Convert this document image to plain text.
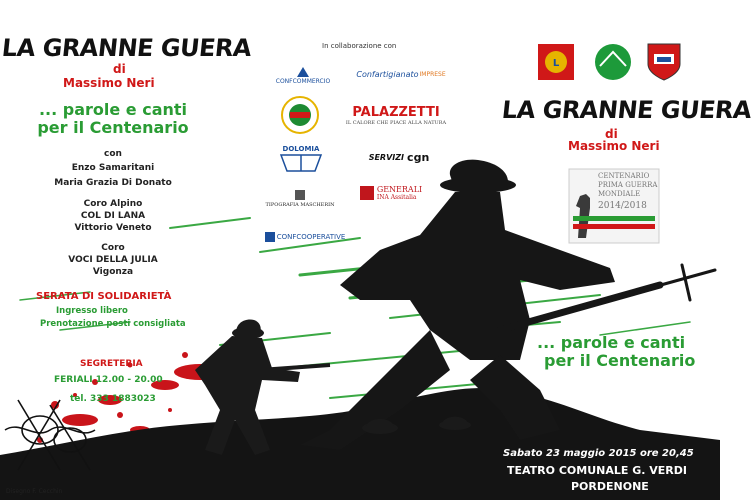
LA GRANNE GUERA
di
Massimo Neri
... parole e canti
per il Centenario
con
Enzo Samaritani
Maria Grazia Di Donato
Coro Alpino
COL DI LANA
Vittorio Veneto
Coro
VOCI DELLA JULIA
Vigonza
SERATA DI SOLIDARIETÀ
Ingresso libero
Prenotazione posti consigliata
SEGRETERIA
FERIALI 12.00 - 20.00
tel. 333 1883023
Disegno F. Cecchin
In collaborazione con
CONFCOMMERCIO
Confartigianato IMPRESE
PALAZZETTI
IL CALORE CHE PIACE ALLA NATURA
DOLOMIA
SERVIZI cgn
TIPOGRAFIA MASCHERIN
GENERALI
INA Assitalia
CONFCOOPERATIVE
L
LA GRANNE GUERA
di
Massimo Neri
CENTENARIO
PRIMA GUERRA
MONDIALE
2014/2018
... parole e canti
per il Centenario
Sabato 23 maggio 2015 ore 20,45
TEATRO COMUNALE G. VERDI
PORDENONE
